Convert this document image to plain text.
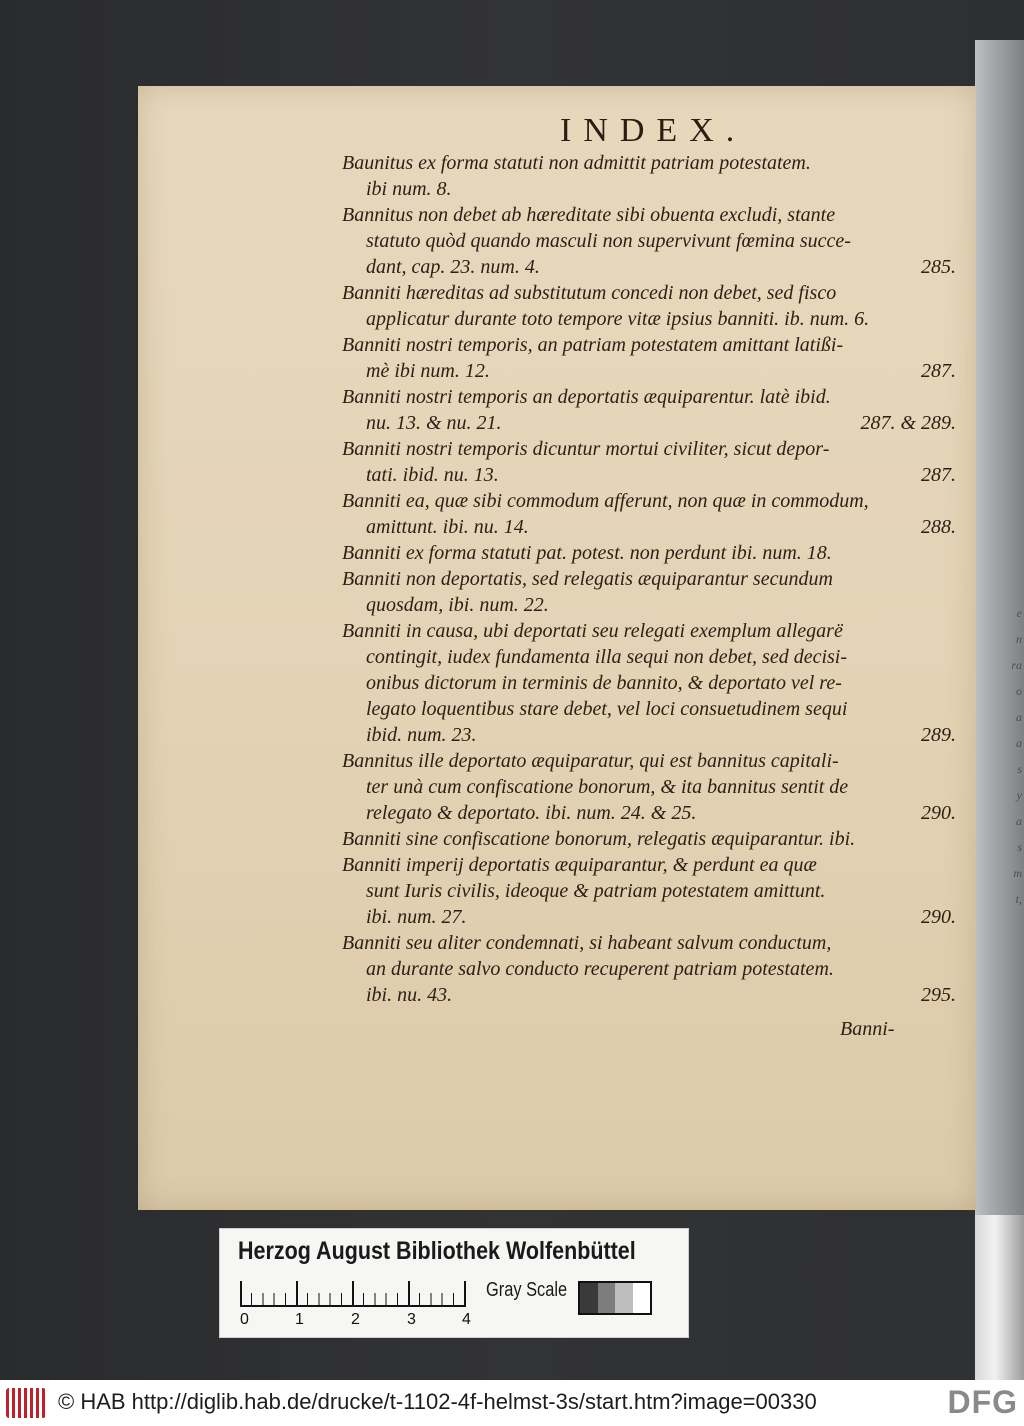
e
n
ra
o
a
a
s
y
a
s
m
t,
INDEX.
Baunitus ex forma statuti non admittit patriam potestatem.
ibi num. 8.
Bannitus non debet ab hæreditate sibi obuenta excludi, stante
statuto quòd quando masculi non supervivunt fœmina succe-
dant, cap. 23. num. 4.	285.
Banniti hæreditas ad substitutum concedi non debet, sed fisco
applicatur durante toto tempore vitæ ipsius banniti. ib. num. 6.
Banniti nostri temporis, an patriam potestatem amittant latißi-
mè ibi num. 12.	287.
Banniti nostri temporis an deportatis æquiparentur. latè ibid.
nu. 13. & nu. 21.	287. & 289.
Banniti nostri temporis dicuntur mortui civiliter, sicut depor-
tati. ibid. nu. 13.	287.
Banniti ea, quæ sibi commodum afferunt, non quæ in commodum,
amittunt. ibi. nu. 14.	288.
Banniti ex forma statuti pat. potest. non perdunt ibi. num. 18.
Banniti non deportatis, sed relegatis æquiparantur secundum
quosdam, ibi. num. 22.
Banniti in causa, ubi deportati seu relegati exemplum allegarë
contingit, iudex fundamenta illa sequi non debet, sed decisi-
onibus dictorum in terminis de bannito, & deportato vel re-
legato loquentibus stare debet, vel loci consuetudinem sequi
ibid. num. 23.	289.
Bannitus ille deportato æquiparatur, qui est bannitus capitali-
ter unà cum confiscatione bonorum, & ita bannitus sentit de
relegato & deportato. ibi. num. 24. & 25.	290.
Banniti sine confiscatione bonorum, relegatis æquiparantur. ibi.
Banniti imperij deportatis æquiparantur, & perdunt ea quæ
sunt Iuris civilis, ideoque & patriam potestatem amittunt.
ibi. num. 27.	290.
Banniti seu aliter condemnati, si habeant salvum conductum,
an durante salvo conducto recuperent patriam potestatem.
ibi. nu. 43.	295.
Banni-
Herzog August Bibliothek Wolfenbüttel
0	1	2	3	4
Gray Scale
© HAB http://diglib.hab.de/drucke/t-1102-4f-helmst-3s/start.htm?image=00330	DFG
